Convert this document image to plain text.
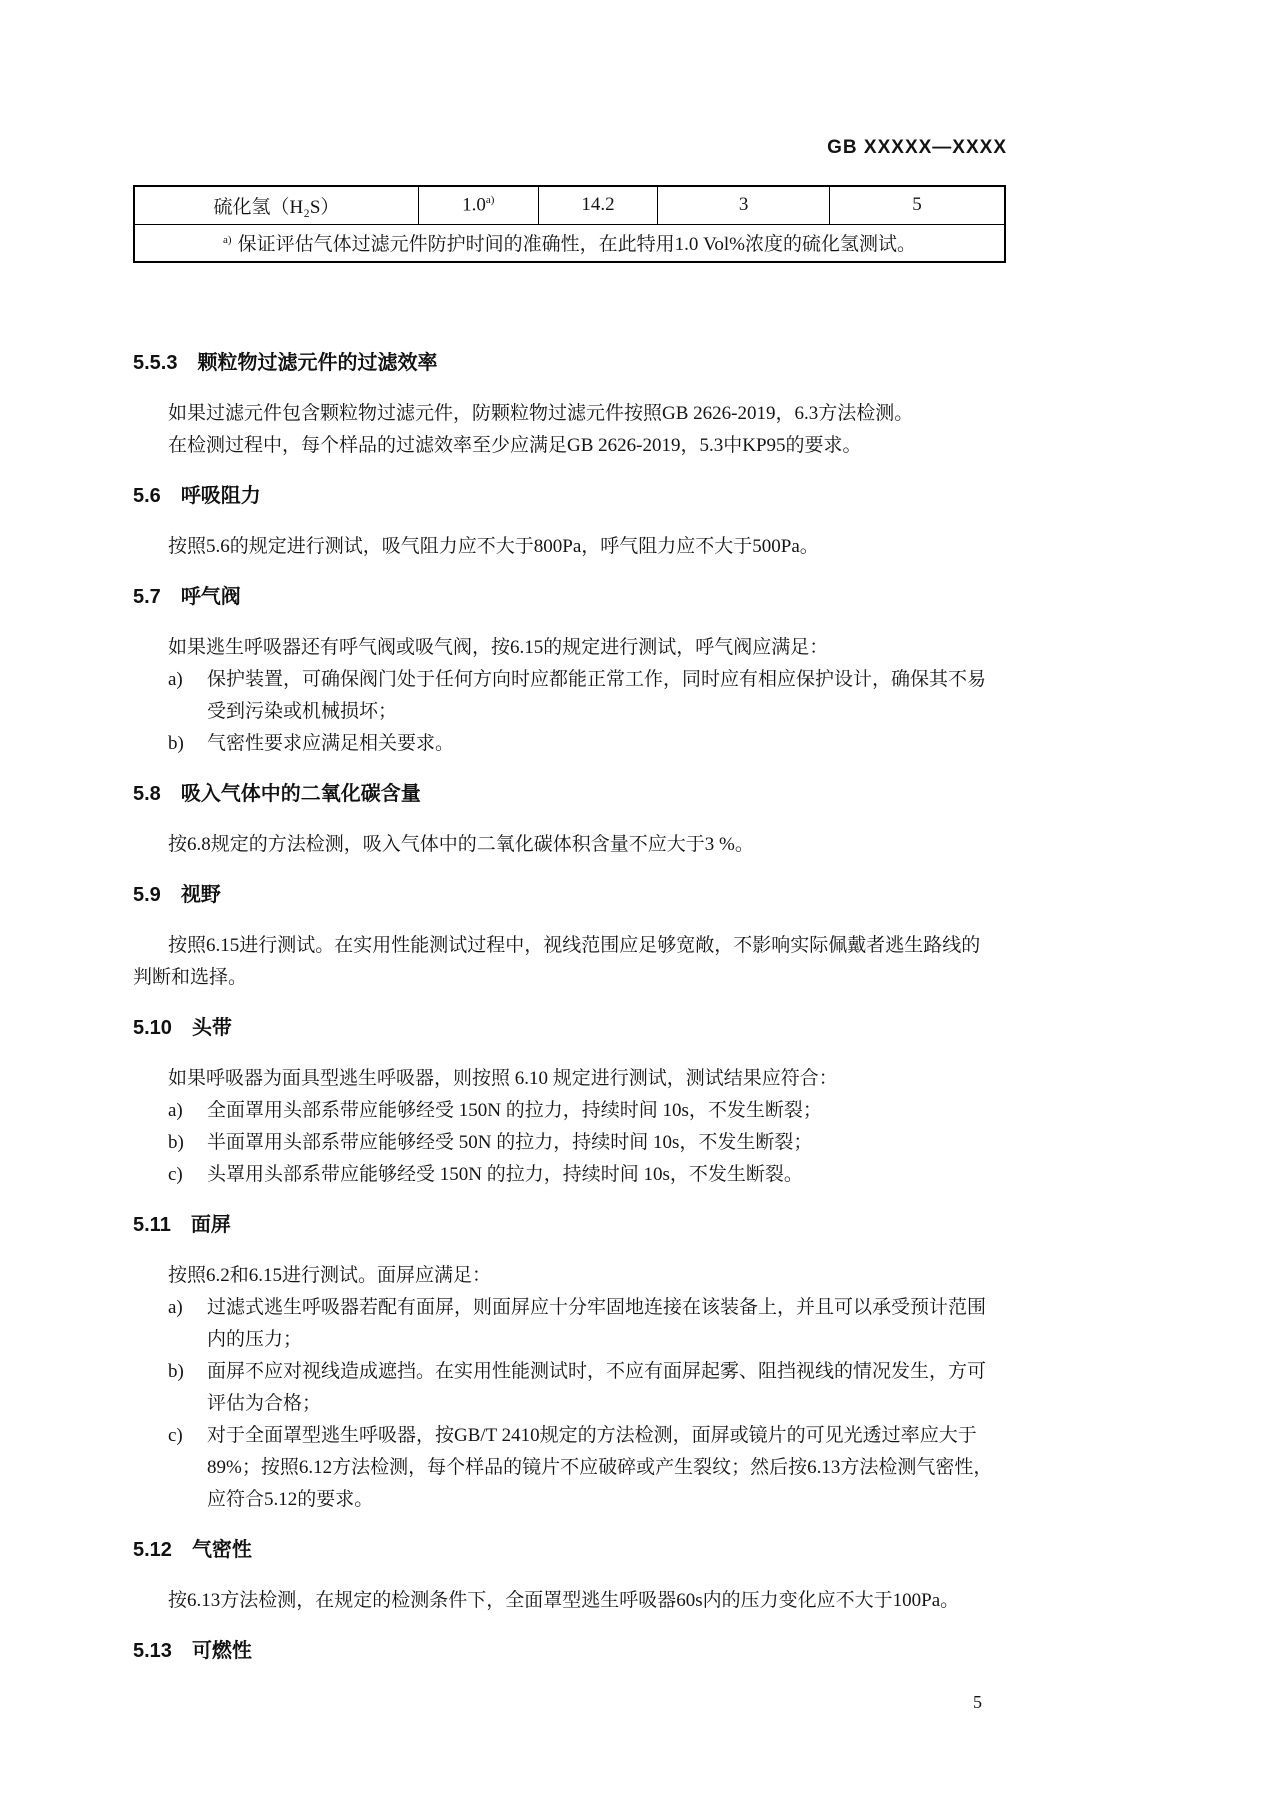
GB XXXXX—XXXX
硫化氢（H₂S）	1.0$^{a)}$	14.2	3	5
$^{a)}$ 保证评估气体过滤元件防护时间的准确性，在此特用1.0 Vol%浓度的硫化氢测试。
5.5.3 颗粒物过滤元件的过滤效率
如果过滤元件包含颗粒物过滤元件，防颗粒物过滤元件按照GB 2626-2019，6.3方法检测。
在检测过程中，每个样品的过滤效率至少应满足GB 2626-2019，5.3中KP95的要求。
5.6 呼吸阻力
按照5.6的规定进行测试，吸气阻力应不大于800Pa，呼气阻力应不大于500Pa。
5.7 呼气阀
如果逃生呼吸器还有呼气阀或吸气阀，按6.15的规定进行测试，呼气阀应满足：
a) 保护装置，可确保阀门处于任何方向时应都能正常工作，同时应有相应保护设计，确保其不易
受到污染或机械损坏；
b) 气密性要求应满足相关要求。
5.8 吸入气体中的二氧化碳含量
按6.8规定的方法检测，吸入气体中的二氧化碳体积含量不应大于3 %。
5.9 视野
按照6.15进行测试。在实用性能测试过程中，视线范围应足够宽敞，不影响实际佩戴者逃生路线的
判断和选择。
5.10 头带
如果呼吸器为面具型逃生呼吸器，则按照 6.10 规定进行测试，测试结果应符合：
a) 全面罩用头部系带应能够经受 150N 的拉力，持续时间 10s，不发生断裂；
b) 半面罩用头部系带应能够经受 50N 的拉力，持续时间 10s，不发生断裂；
c) 头罩用头部系带应能够经受 150N 的拉力，持续时间 10s，不发生断裂。
5.11 面屏
按照6.2和6.15进行测试。面屏应满足：
a) 过滤式逃生呼吸器若配有面屏，则面屏应十分牢固地连接在该装备上，并且可以承受预计范围
内的压力；
b) 面屏不应对视线造成遮挡。在实用性能测试时，不应有面屏起雾、阻挡视线的情况发生，方可
评估为合格；
c) 对于全面罩型逃生呼吸器，按GB/T 2410规定的方法检测，面屏或镜片的可见光透过率应大于
89%；按照6.12方法检测，每个样品的镜片不应破碎或产生裂纹；然后按6.13方法检测气密性，
应符合5.12的要求。
5.12 气密性
按6.13方法检测，在规定的检测条件下，全面罩型逃生呼吸器60s内的压力变化应不大于100Pa。
5.13 可燃性
5
